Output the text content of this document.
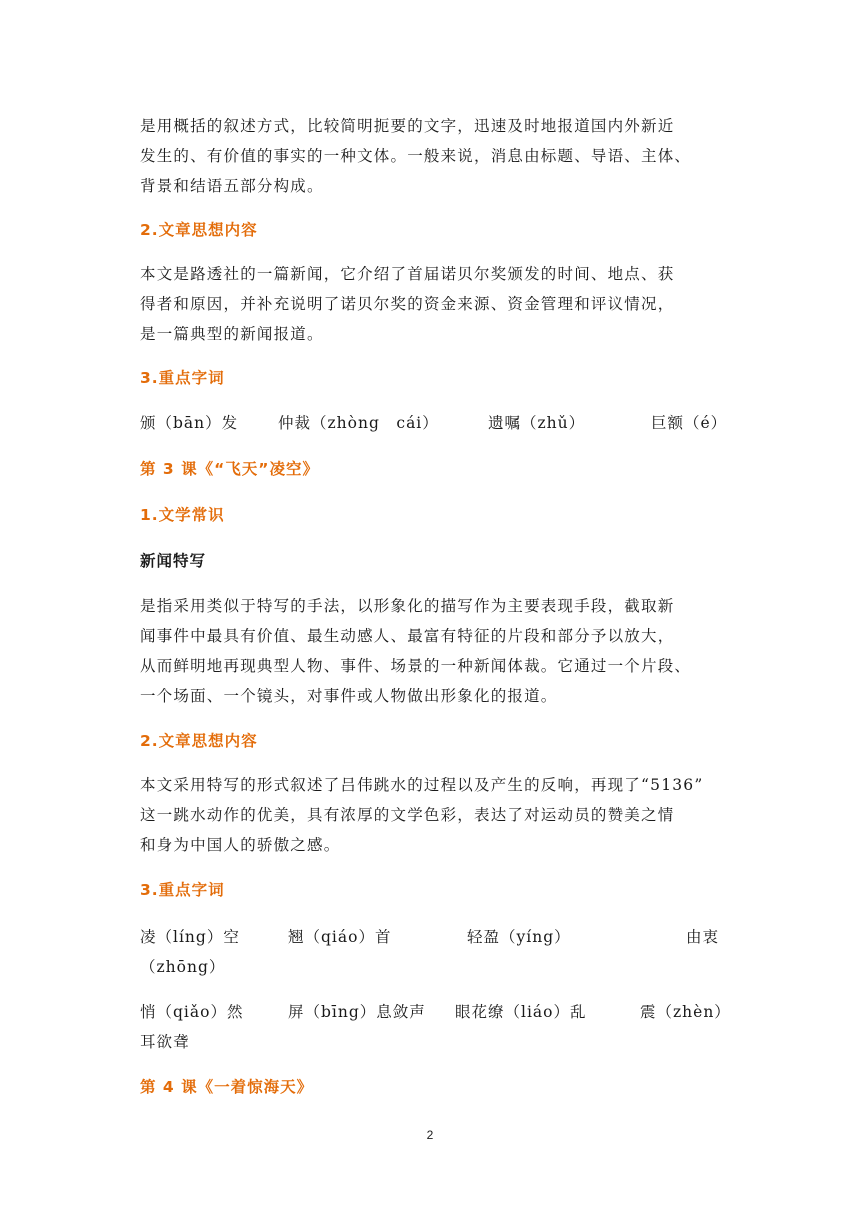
是用概括的叙述方式，比较简明扼要的文字，迅速及时地报道国内外新近
发生的、有价值的事实的一种文体。一般来说，消息由标题、导语、主体、
背景和结语五部分构成。
2.文章思想内容
本文是路透社的一篇新闻，它介绍了首届诺贝尔奖颁发的时间、地点、获
得者和原因，并补充说明了诺贝尔奖的资金来源、资金管理和评议情况，
是一篇典型的新闻报道。
3.重点字词
颁（bān）发	仲裁（zhòng　cái）	遗嘱（zhǔ）	巨额（é）
第 3 课《“飞天”凌空》
1.文学常识
新闻特写
是指采用类似于特写的手法，以形象化的描写作为主要表现手段，截取新
闻事件中最具有价值、最生动感人、最富有特征的片段和部分予以放大，
从而鲜明地再现典型人物、事件、场景的一种新闻体裁。它通过一个片段、
一个场面、一个镜头，对事件或人物做出形象化的报道。
2.文章思想内容
本文采用特写的形式叙述了吕伟跳水的过程以及产生的反响，再现了“5136”
这一跳水动作的优美，具有浓厚的文学色彩，表达了对运动员的赞美之情
和身为中国人的骄傲之感。
3.重点字词
凌（líng）空	翘（qiáo）首	轻盈（yíng）	由衷
（zhōng）
悄（qiǎo）然	屏（bīng）息敛声 眼花缭（liáo）乱	震（zhèn）
耳欲聋
第 4 课《一着惊海天》
2
